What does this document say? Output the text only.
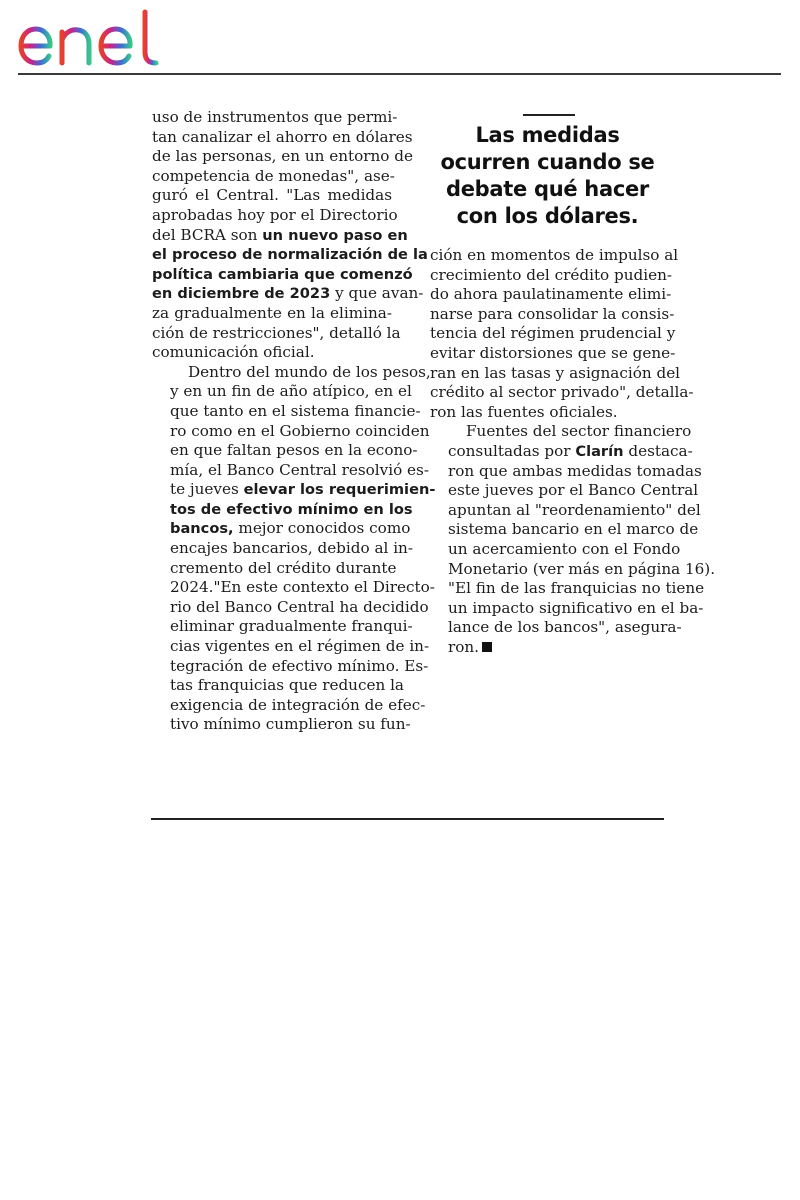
enel

uso de instrumentos que permi-
tan canalizar el ahorro en dólares
de las personas, en un entorno de
competencia de monedas", ase-
guró el Central. "Las medidas
aprobadas hoy por el Directorio
del BCRA son un nuevo paso en
el proceso de normalización de la
política cambiaria que comenzó
en diciembre de 2023 y que avan-
za gradualmente en la elimina-
ción de restricciones", detalló la
comunicación oficial.

Dentro del mundo de los pesos,
y en un fin de año atípico, en el
que tanto en el sistema financie-
ro como en el Gobierno coinciden
en que faltan pesos en la econo-
mía, el Banco Central resolvió es-
te jueves elevar los requerimien-
tos de efectivo mínimo en los
bancos, mejor conocidos como
encajes bancarios, debido al in-
cremento del crédito durante
2024."En este contexto el Directo-
rio del Banco Central ha decidido
eliminar gradualmente franqui-
cias vigentes en el régimen de in-
tegración de efectivo mínimo. Es-
tas franquicias que reducen la
exigencia de integración de efec-
tivo mínimo cumplieron su fun-

Las medidas ocurren cuando se debate qué hacer con los dólares.

ción en momentos de impulso al
crecimiento del crédito pudien-
do ahora paulatinamente elimi-
narse para consolidar la consis-
tencia del régimen prudencial y
evitar distorsiones que se gene-
ran en las tasas y asignación del
crédito al sector privado", detalla-
ron las fuentes oficiales.

Fuentes del sector financiero
consultadas por Clarín destaca-
ron que ambas medidas tomadas
este jueves por el Banco Central
apuntan al "reordenamiento" del
sistema bancario en el marco de
un acercamiento con el Fondo
Monetario (ver más en página 16).
"El fin de las franquicias no tiene
un impacto significativo en el ba-
lance de los bancos", asegura-
ron.
